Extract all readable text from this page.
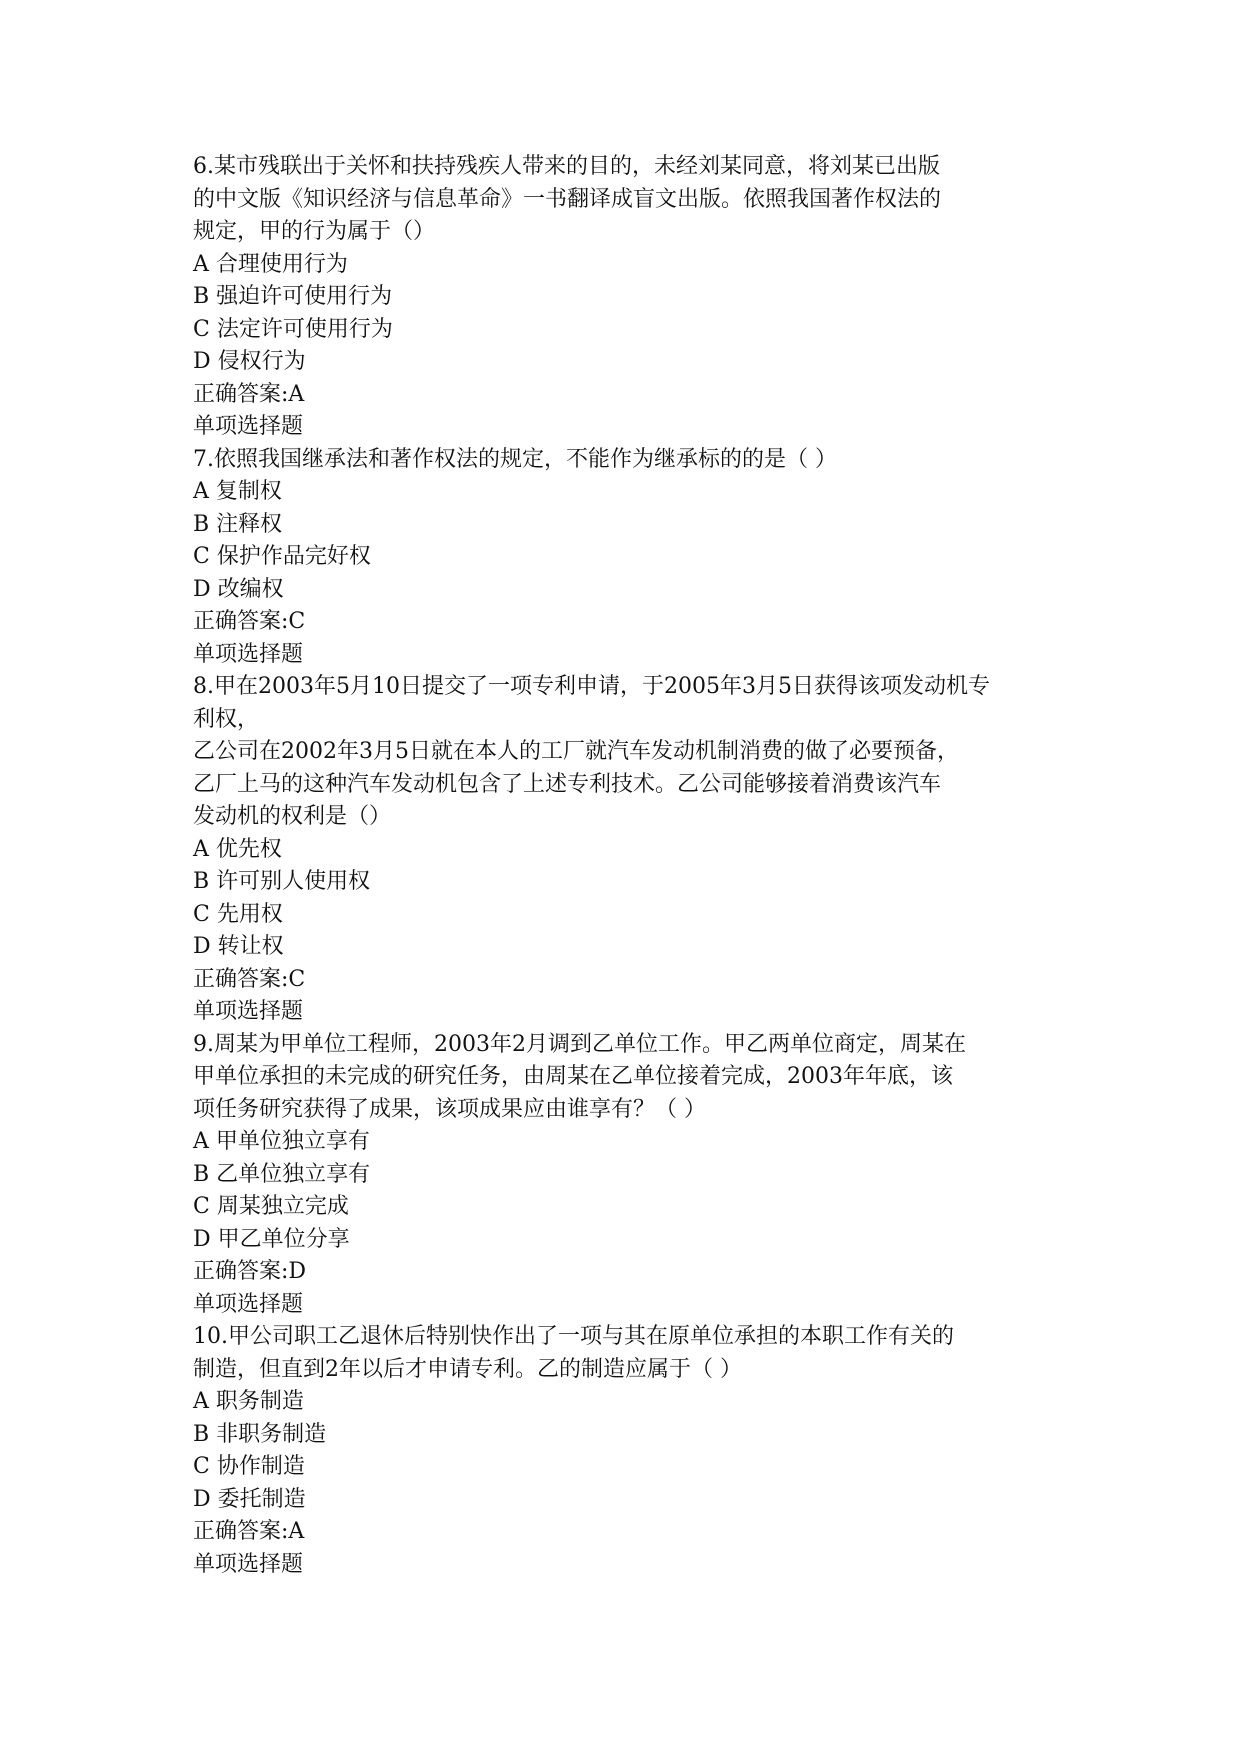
6.某市残联出于关怀和扶持残疾人带来的目的，未经刘某同意，将刘某已出版
的中文版《知识经济与信息革命》一书翻译成盲文出版。依照我国著作权法的
规定，甲的行为属于（）
A 合理使用行为
B 强迫许可使用行为
C 法定许可使用行为
D 侵权行为
正确答案:A
单项选择题
7.依照我国继承法和著作权法的规定，不能作为继承标的的是（ ）
A 复制权
B 注释权
C 保护作品完好权
D 改编权
正确答案:C
单项选择题
8.甲在2003年5月10日提交了一项专利申请，于2005年3月5日获得该项发动机专
利权，
乙公司在2002年3月5日就在本人的工厂就汽车发动机制消费的做了必要预备，
乙厂上马的这种汽车发动机包含了上述专利技术。乙公司能够接着消费该汽车
发动机的权利是（）
A 优先权
B 许可别人使用权
C 先用权
D 转让权
正确答案:C
单项选择题
9.周某为甲单位工程师，2003年2月调到乙单位工作。甲乙两单位商定，周某在
甲单位承担的未完成的研究任务，由周某在乙单位接着完成，2003年年底，该
项任务研究获得了成果，该项成果应由谁享有？（ ）
A 甲单位独立享有
B 乙单位独立享有
C 周某独立完成
D 甲乙单位分享
正确答案:D
单项选择题
10.甲公司职工乙退休后特别快作出了一项与其在原单位承担的本职工作有关的
制造，但直到2年以后才申请专利。乙的制造应属于（ ）
A 职务制造
B 非职务制造
C 协作制造
D 委托制造
正确答案:A
单项选择题
